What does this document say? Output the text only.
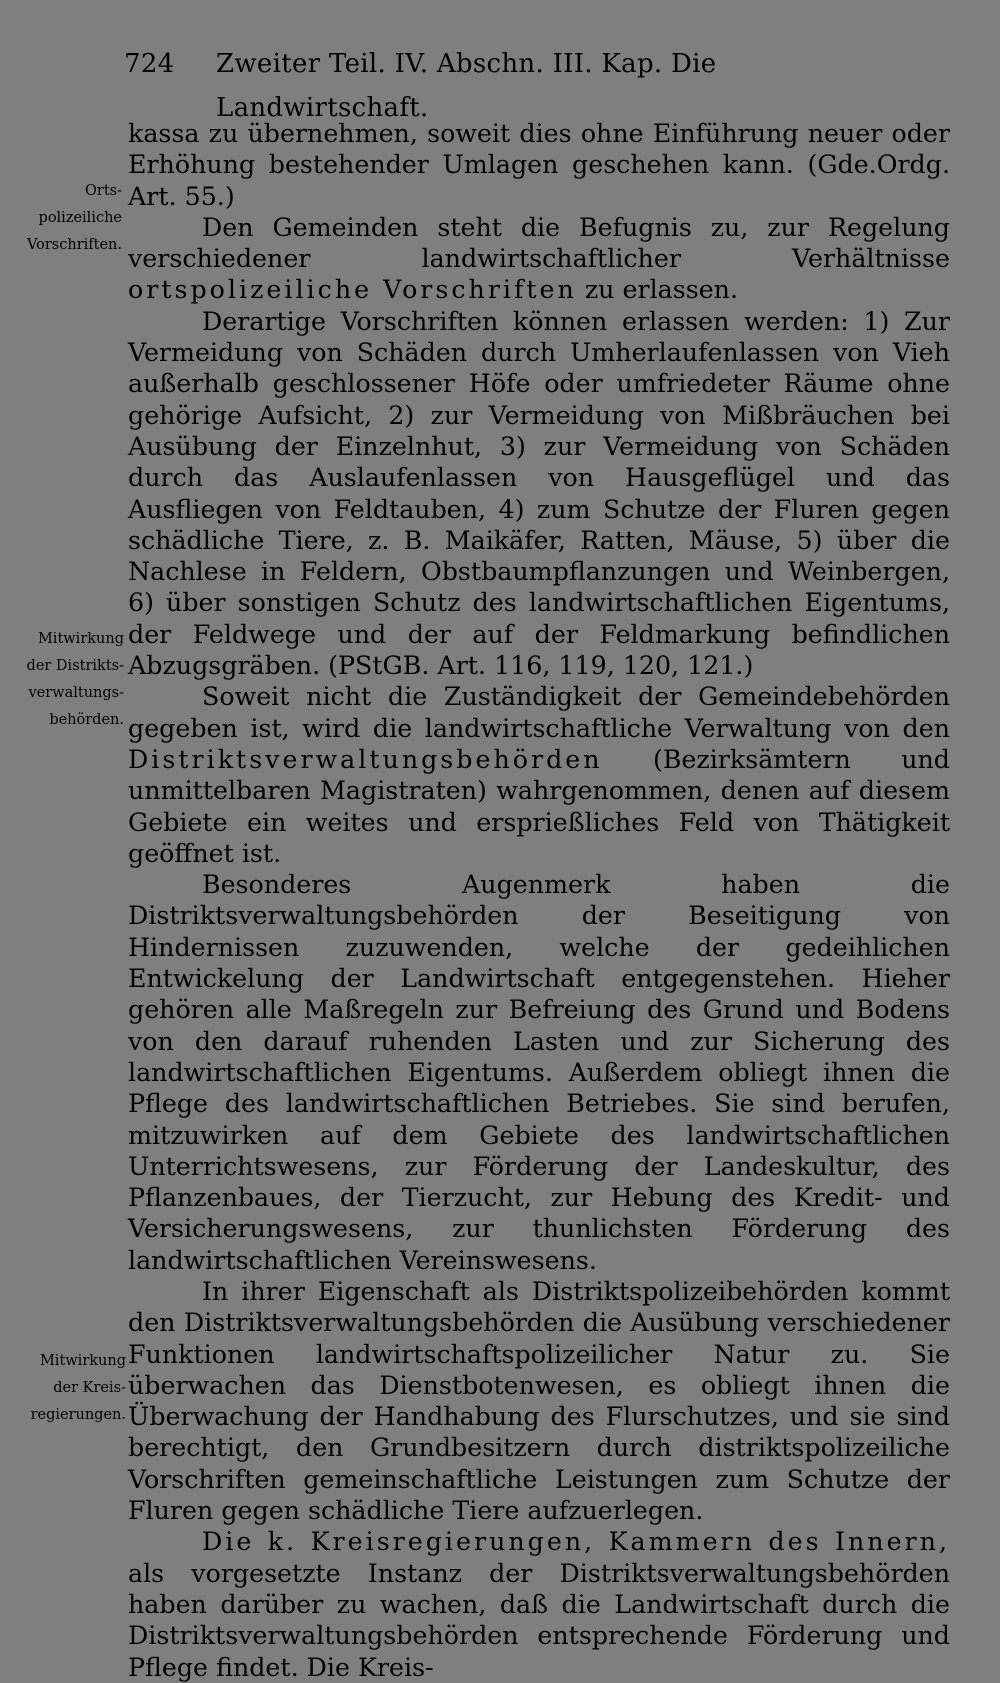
724 Zweiter Teil. IV. Abschn. III. Kap. Die Landwirtschaft.

kassa zu übernehmen, soweit dies ohne Einführung neuer oder Erhöhung bestehender Umlagen geschehen kann. (Gde.Ordg. Art. 55.)

Den Gemeinden steht die Befugnis zu, zur Regelung verschiedener landwirtschaftlicher Verhältnisse ortspolizeiliche Vorschriften zu erlassen.

Derartige Vorschriften können erlassen werden: 1) Zur Vermeidung von Schäden durch Umherlaufenlassen von Vieh außerhalb geschlossener Höfe oder umfriedeter Räume ohne gehörige Aufsicht, 2) zur Vermeidung von Mißbräuchen bei Ausübung der Einzelnhut, 3) zur Vermeidung von Schäden durch das Auslaufenlassen von Hausgeflügel und das Ausfliegen von Feldtauben, 4) zum Schutze der Fluren gegen schädliche Tiere, z. B. Maikäfer, Ratten, Mäuse, 5) über die Nachlese in Feldern, Obstbaumpflanzungen und Weinbergen, 6) über sonstigen Schutz des landwirtschaftlichen Eigentums, der Feldwege und der auf der Feldmarkung befindlichen Abzugsgräben. (PStGB. Art. 116, 119, 120, 121.)

Soweit nicht die Zuständigkeit der Gemeindebehörden gegeben ist, wird die landwirtschaftliche Verwaltung von den Distriktsverwaltungsbehörden (Bezirksämtern und unmittelbaren Magistraten) wahrgenommen, denen auf diesem Gebiete ein weites und ersprießliches Feld von Thätigkeit geöffnet ist.

Besonderes Augenmerk haben die Distriktsverwaltungsbehörden der Beseitigung von Hindernissen zuzuwenden, welche der gedeihlichen Entwickelung der Landwirtschaft entgegenstehen. Hieher gehören alle Maßregeln zur Befreiung des Grund und Bodens von den darauf ruhenden Lasten und zur Sicherung des landwirtschaftlichen Eigentums. Außerdem obliegt ihnen die Pflege des landwirtschaftlichen Betriebes. Sie sind berufen, mitzuwirken auf dem Gebiete des landwirtschaftlichen Unterrichtswesens, zur Förderung der Landeskultur, des Pflanzenbaues, der Tierzucht, zur Hebung des Kredit- und Versicherungswesens, zur thunlichsten Förderung des landwirtschaftlichen Vereinswesens.

In ihrer Eigenschaft als Distriktspolizeibehörden kommt den Distriktsverwaltungsbehörden die Ausübung verschiedener Funktionen landwirtschaftspolizeilicher Natur zu. Sie überwachen das Dienstbotenwesen, es obliegt ihnen die Überwachung der Handhabung des Flurschutzes, und sie sind berechtigt, den Grundbesitzern durch distriktspolizeiliche Vorschriften gemeinschaftliche Leistungen zum Schutze der Fluren gegen schädliche Tiere aufzuerlegen.

Die k. Kreisregierungen, Kammern des Innern, als vorgesetzte Instanz der Distriktsverwaltungsbehörden haben darüber zu wachen, daß die Landwirtschaft durch die Distriktsverwaltungsbehörden entsprechende Förderung und Pflege findet. Die Kreis-

Orts-
polizeiliche
Vorschriften.
Mitwirkung
der Distrikts-
verwaltungs-
behörden.
Mitwirkung
der Kreis-
regierungen.
